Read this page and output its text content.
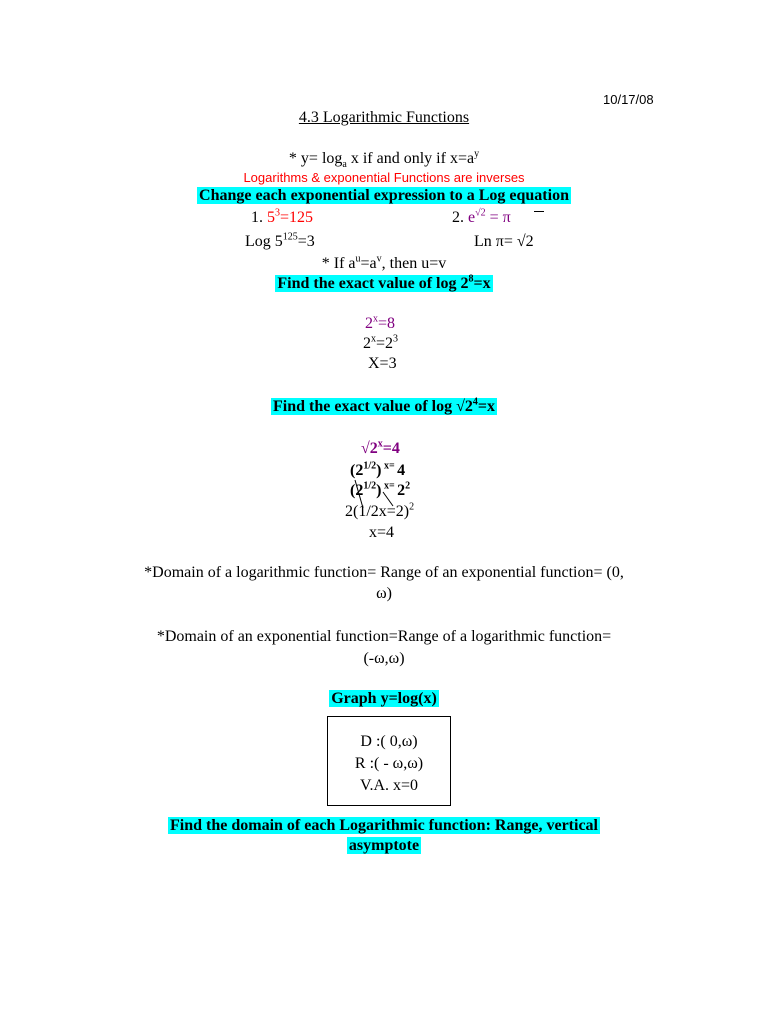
10/17/08
4.3 Logarithmic Functions
* $y= \log_a x$ if and only if $x=a^y$
Logarithms & exponential Functions are inverses
Change each exponential expression to a Log equation
1. $5^3=125$	2. $e^{√2} = \pi$
Log $5^{125}=3$	Ln π= √2
* If $a^u=a^v$, then u=v
Find the exact value of $\log 2^8=x$
$2^x=8$
$2^x=2^3$
X=3
Find the exact value of $\log √2^4=x$
$√2^x=4$
$(2^{1/2})$ $^{x=}$ 4
$(2^{1/2})$ $^{x=}$ $2^2$
2(1/2x=2)$^2$
x=4
*Domain of a logarithmic function= Range of an exponential function= (0,
ω)
*Domain of an exponential function=Range of a logarithmic function=
(-ω,ω)
Graph y=log(x)
D :( 0,ω)
R :( - ω,ω)
V.A. x=0
Find the domain of each Logarithmic function: Range, vertical
asymptote
